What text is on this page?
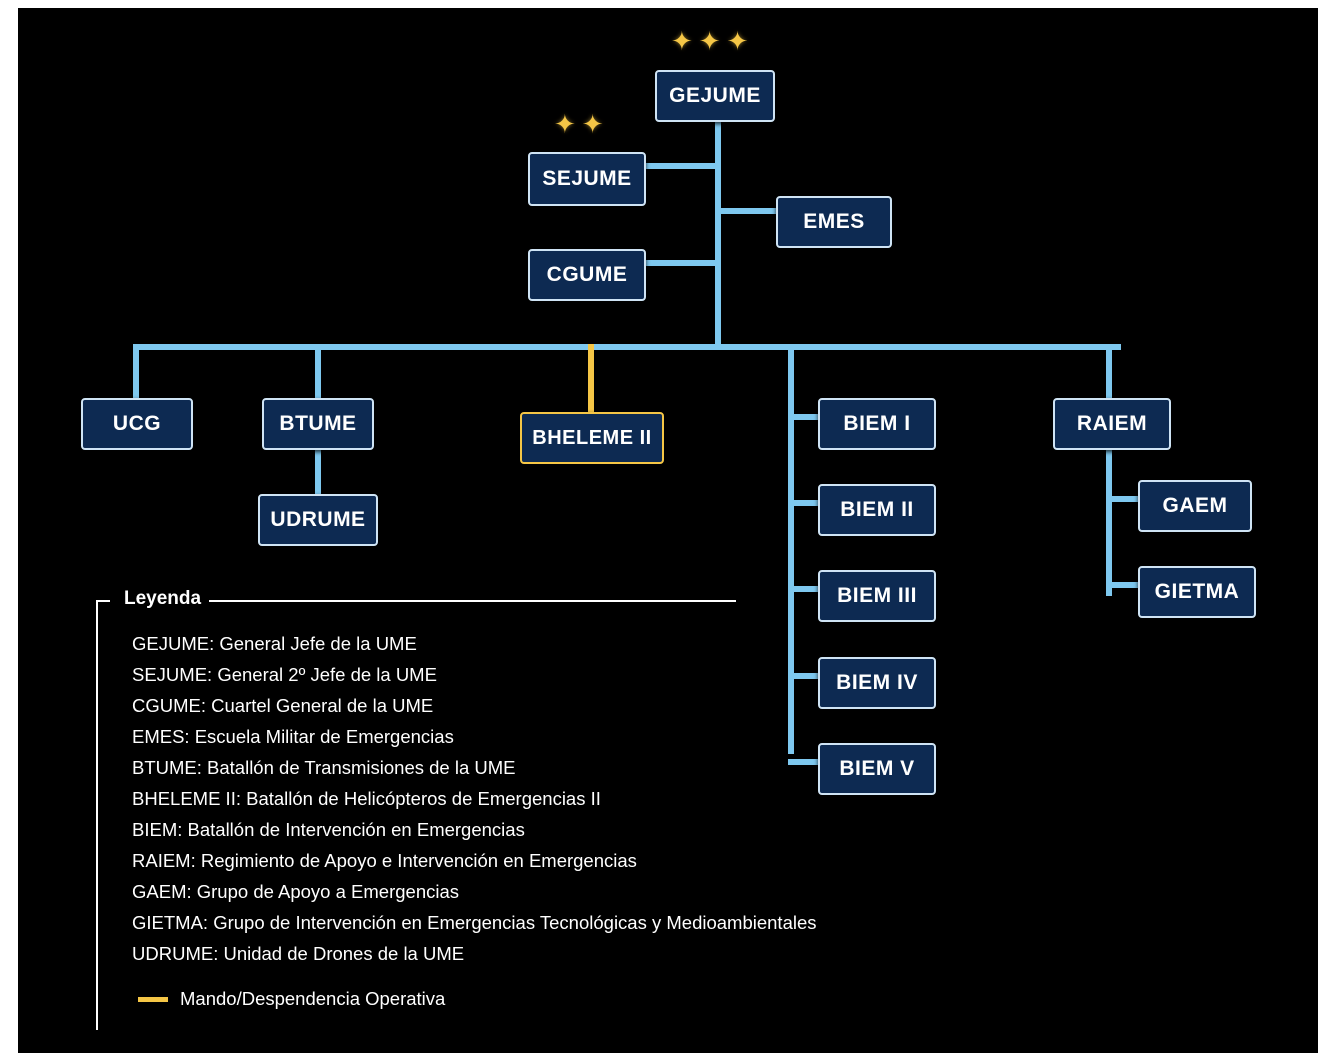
✦ ✦ ✦
✦ ✦
GEJUME
SEJUME
EMES
CGUME
UCG	BTUME
UDRUME
BHELEME II
BIEM I
BIEM II
BIEM III
BIEM IV
BIEM V
RAIEM
GAEM
GIETMA
Leyenda
GEJUME: General Jefe de la UME
SEJUME: General 2º Jefe de la UME
CGUME: Cuartel General de la UME
EMES: Escuela Militar de Emergencias
BTUME: Batallón de Transmisiones de la UME
BHELEME II: Batallón de Helicópteros de Emergencias II
BIEM: Batallón de Intervención en Emergencias
RAIEM: Regimiento de Apoyo e Intervención en Emergencias
GAEM: Grupo de Apoyo a Emergencias
GIETMA: Grupo de Intervención en Emergencias Tecnológicas y Medioambientales
UDRUME: Unidad de Drones de la UME
Mando/Despendencia Operativa
